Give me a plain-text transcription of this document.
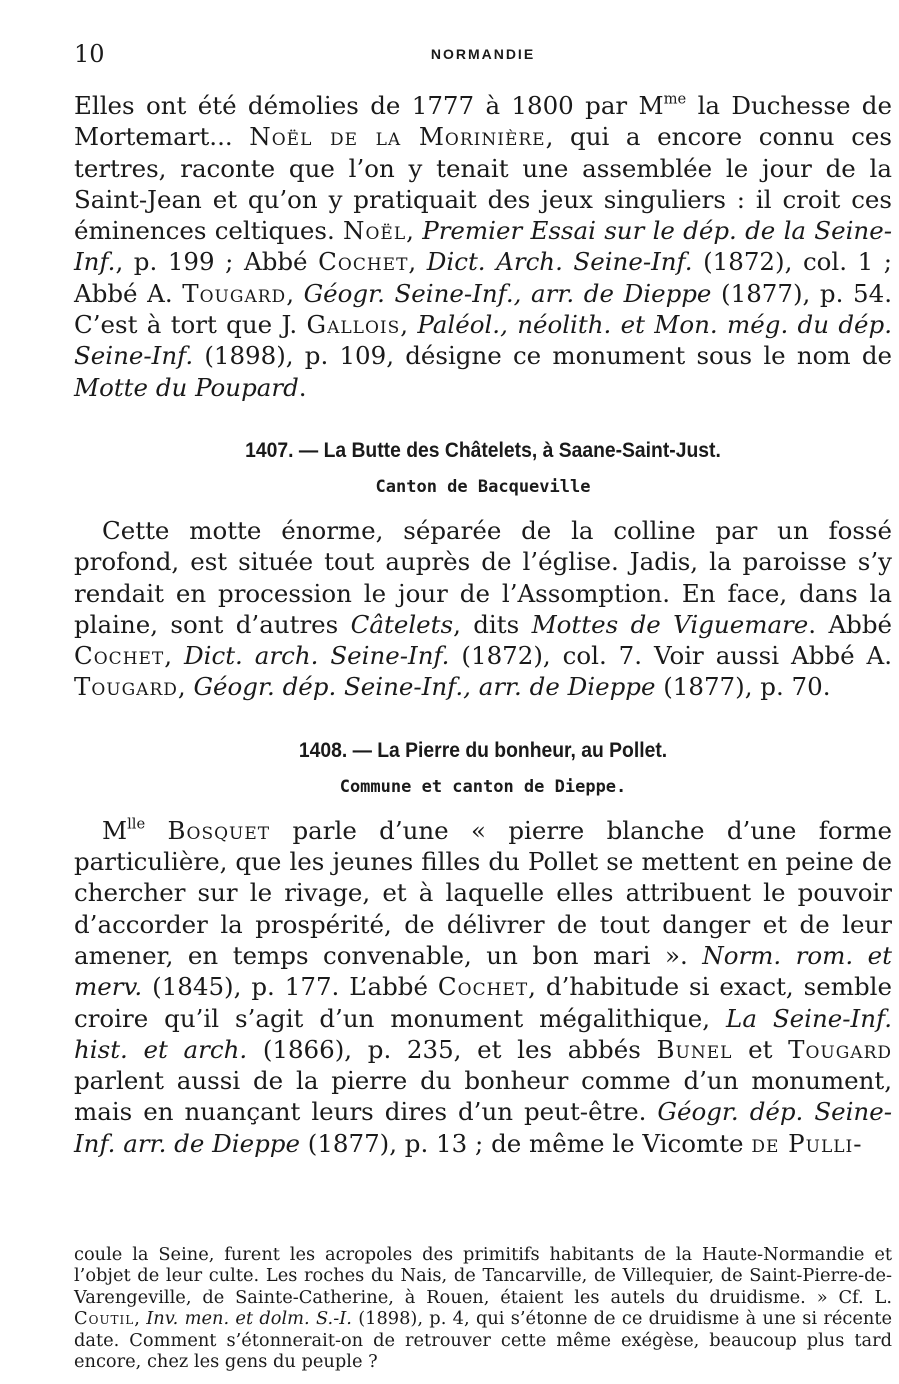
10	NORMANDIE

Elles ont été démolies de 1777 à 1800 par $M^{me}$ la Duchesse de Mortemart... Noël de la Morinière, qui a encore connu ces tertres, raconte que l’on y tenait une assemblée le jour de la Saint-Jean et qu’on y pratiquait des jeux singuliers : il croit ces éminences celtiques. Noël, Premier Essai sur le dép. de la Seine-Inf., p. 199 ; Abbé Cochet, Dict. Arch. Seine-Inf. (1872), col. 1 ; Abbé A. Tougard, Géogr. Seine-Inf., arr. de Dieppe (1877), p. 54. C’est à tort que J. Gallois, Paléol., néolith. et Mon. még. du dép. Seine-Inf. (1898), p. 109, désigne ce monument sous le nom de Motte du Poupard.

1407. — La Butte des Châtelets, à Saane-Saint-Just.
Canton de Bacqueville

Cette motte énorme, séparée de la colline par un fossé profond, est située tout auprès de l’église. Jadis, la paroisse s’y rendait en procession le jour de l’Assomption. En face, dans la plaine, sont d’autres Câtelets, dits Mottes de Viguemare. Abbé Cochet, Dict. arch. Seine-Inf. (1872), col. 7. Voir aussi Abbé A. Tougard, Géogr. dép. Seine-Inf., arr. de Dieppe (1877), p. 70.

1408. — La Pierre du bonheur, au Pollet.
Commune et canton de Dieppe.

$M^{lle}$ Bosquet parle d’une « pierre blanche d’une forme particulière, que les jeunes filles du Pollet se mettent en peine de chercher sur le rivage, et à laquelle elles attribuent le pouvoir d’accorder la prospérité, de délivrer de tout danger et de leur amener, en temps convenable, un bon mari ». Norm. rom. et merv. (1845), p. 177. L’abbé Cochet, d’habitude si exact, semble croire qu’il s’agit d’un monument mégalithique, La Seine-Inf. hist. et arch. (1866), p. 235, et les abbés Bunel et Tougard parlent aussi de la pierre du bonheur comme d’un monument, mais en nuançant leurs dires d’un peut-être. Géogr. dép. Seine-Inf. arr. de Dieppe (1877), p. 13 ; de même le Vicomte de Pulli-

coule la Seine, furent les acropoles des primitifs habitants de la Haute-Normandie et l’objet de leur culte. Les roches du Nais, de Tancarville, de Villequier, de Saint-Pierre-de-Varengeville, de Sainte-Catherine, à Rouen, étaient les autels du druidisme. » Cf. L. Coutil, Inv. men. et dolm. S.-I. (1898), p. 4, qui s’étonne de ce druidisme à une si récente date. Comment s’étonnerait-on de retrouver cette même exégèse, beaucoup plus tard encore, chez les gens du peuple ?
